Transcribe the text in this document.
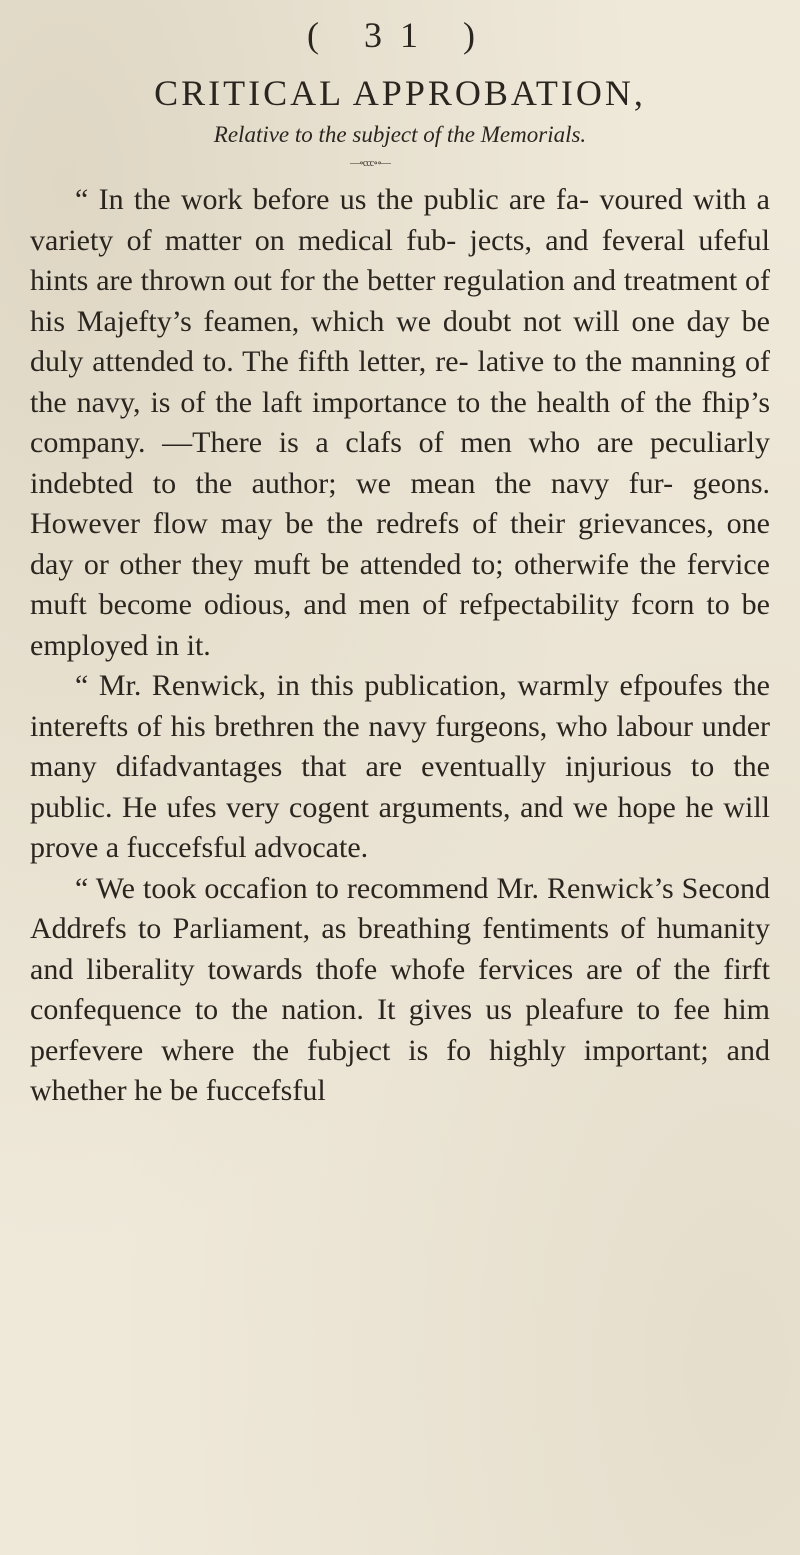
( 31 )
CRITICAL APPROBATION,
Relative to the subject of the Memorials.
—∘ccc∘∘—

“ In the work before us the public are fa- voured with a variety of matter on medical fub- jects, and feveral ufeful hints are thrown out for the better regulation and treatment of his Majefty’s feamen, which we doubt not will one day be duly attended to. The fifth letter, re- lative to the manning of the navy, is of the laft importance to the health of the fhip’s company. —There is a clafs of men who are peculiarly indebted to the author; we mean the navy fur- geons. However flow may be the redrefs of their grievances, one day or other they muft be attended to; otherwife the fervice muft become odious, and men of refpectability fcorn to be employed in it.

“ Mr. Renwick, in this publication, warmly efpoufes the interefts of his brethren the navy furgeons, who labour under many difadvantages that are eventually injurious to the public. He ufes very cogent arguments, and we hope he will prove a fuccefsful advocate.

“ We took occafion to recommend Mr. Renwick’s Second Addrefs to Parliament, as breathing fentiments of humanity and liberality towards thofe whofe fervices are of the firft confequence to the nation. It gives us pleafure to fee him perfevere where the fubject is fo highly important; and whether he be fuccefsful
